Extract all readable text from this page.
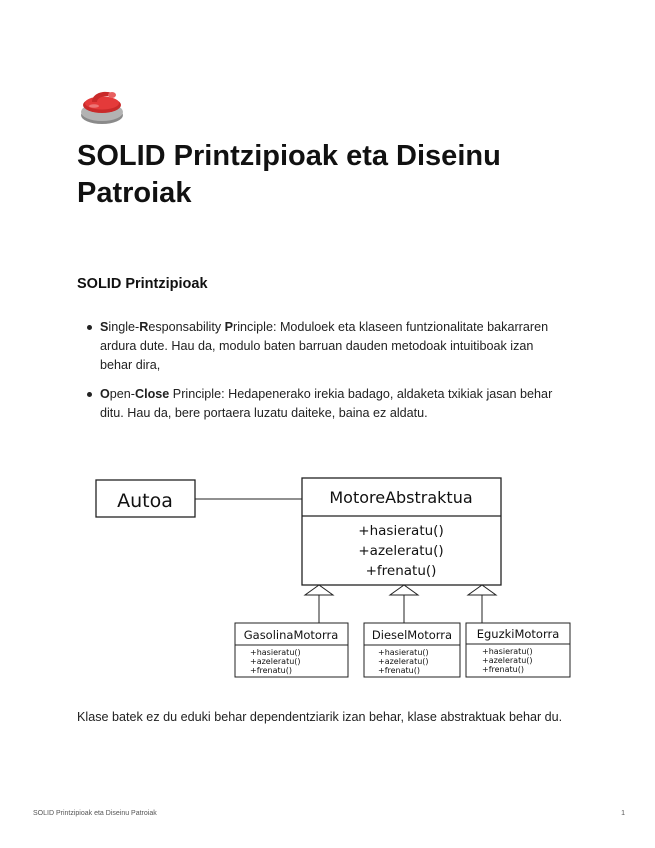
SOLID Printzipioak eta Diseinu Patroiak
SOLID Printzipioak
Single-Responsability Principle: Moduloek eta klaseen funtzionalitate bakarraren ardura dute. Hau da, modulo baten barruan dauden metodoak intuitiboak izan behar dira,
Open-Close Principle: Hedapenerako irekia badago, aldaketa txikiak jasan behar ditu. Hau da, bere portaera luzatu daiteke, baina ez aldatu.
Autoa	MotoreAbstraktua
+hasieratu()
+azeleratu()
+frenatu()
GasolinaMotorra
+hasieratu()
+azeleratu()
+frenatu()
DieselMotorra
+hasieratu()
+azeleratu()
+frenatu()
EguzkiMotorra
+hasieratu()
+azeleratu()
+frenatu()

Klase batek ez du eduki behar dependentziarik izan behar, klase abstraktuak behar du.

SOLID Printzipioak eta Diseinu Patroiak	1
